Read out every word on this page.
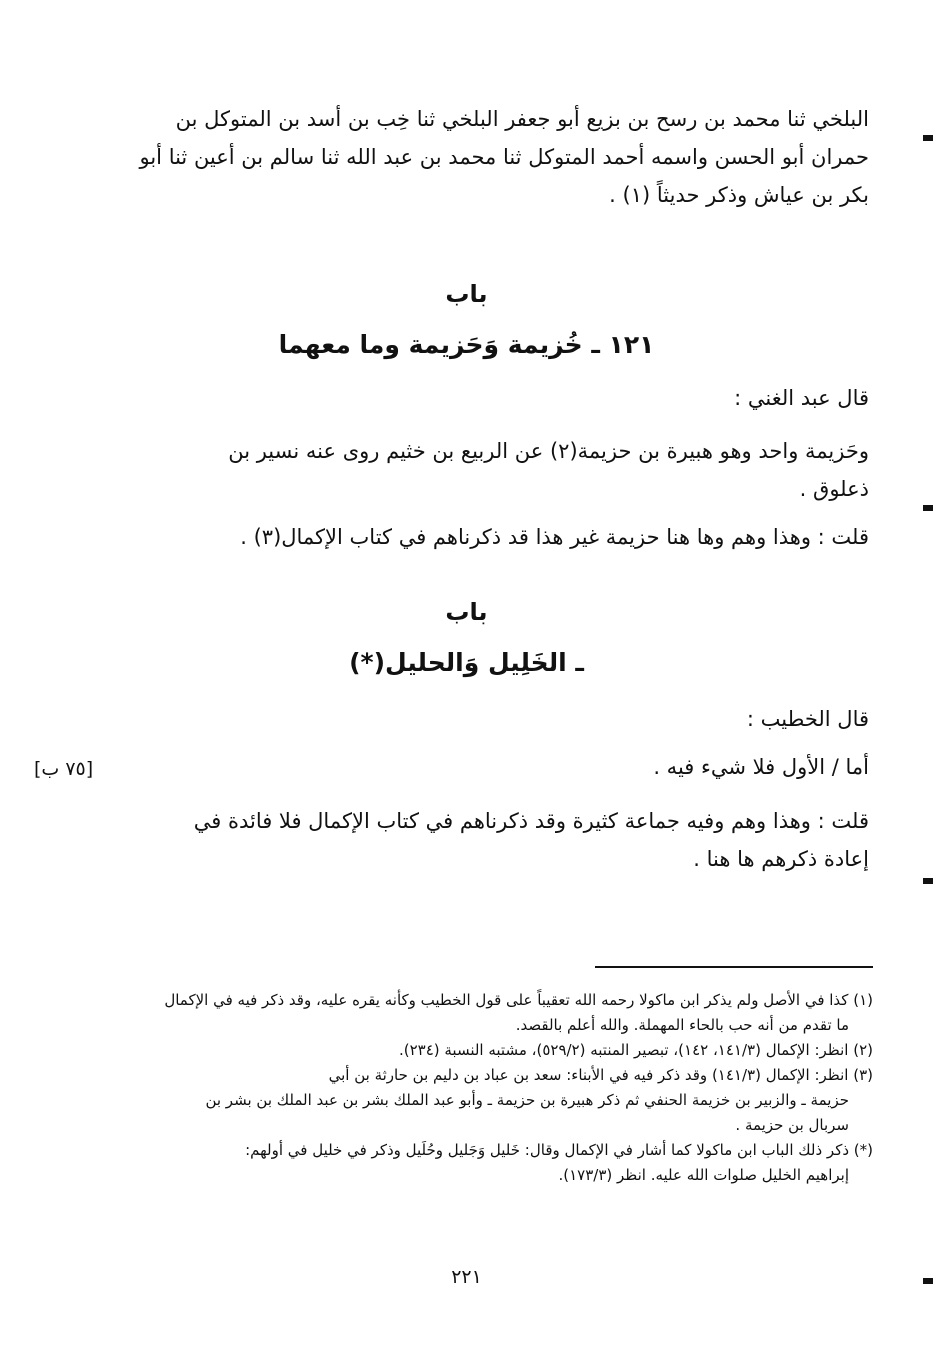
البلخي ثنا محمد بن رسح بن بزيع أبو جعفر البلخي ثنا خِب بن أسد بن المتوكل بن
حمران أبو الحسن واسمه أحمد المتوكل ثنا محمد بن عبد الله ثنا سالم بن أعين ثنا أبو
بكر بن عياش وذكر حديثاً (١) .
باب
١٢١ ـ خُزيمة وَحَزيمة وما معهما
قال عبد الغني :
وحَزيمة واحد وهو هبيرة بن حزيمة(٢) عن الربيع بن خثيم روى عنه نسير بن
ذعلوق .
قلت : وهذا وهم وها هنا حزيمة غير هذا قد ذكرناهم في كتاب الإكمال(٣) .
باب
ـ الخَلِيل وَالحليل(*)
قال الخطيب :
أما / الأول فلا شيء فيه .
[٧٥ ب]
قلت : وهذا وهم وفيه جماعة كثيرة وقد ذكرناهم في كتاب الإكمال فلا فائدة في
إعادة ذكرهم ها هنا .
(١) كذا في الأصل ولم يذكر ابن ماكولا رحمه الله تعقيباً على قول الخطيب وكأنه يقره عليه، وقد ذكر فيه في الإكمال
ما تقدم من أنه حب بالحاء المهملة. والله أعلم بالقصد.
(٢) انظر: الإكمال (١٤١/٣، ١٤٢)، تبصير المنتبه (٥٢٩/٢)، مشتبه النسبة (٢٣٤).
(٣) انظر: الإكمال (١٤١/٣) وقد ذكر فيه في الأبناء: سعد بن عباد بن دليم بن حارثة بن أبي
حزيمة ـ والزبير بن خزيمة الحنفي ثم ذكر هبيرة بن حزيمة ـ وأبو عبد الملك بشر بن عبد الملك بن بشر بن
سربال بن حزيمة .
(*) ذكر ذلك الباب ابن ماكولا كما أشار في الإكمال وقال: خَليل وَجَليل وحُلَيل وذكر في خليل في أولهم:
إبراهيم الخليل صلوات الله عليه. انظر (١٧٣/٣).
٢٢١
